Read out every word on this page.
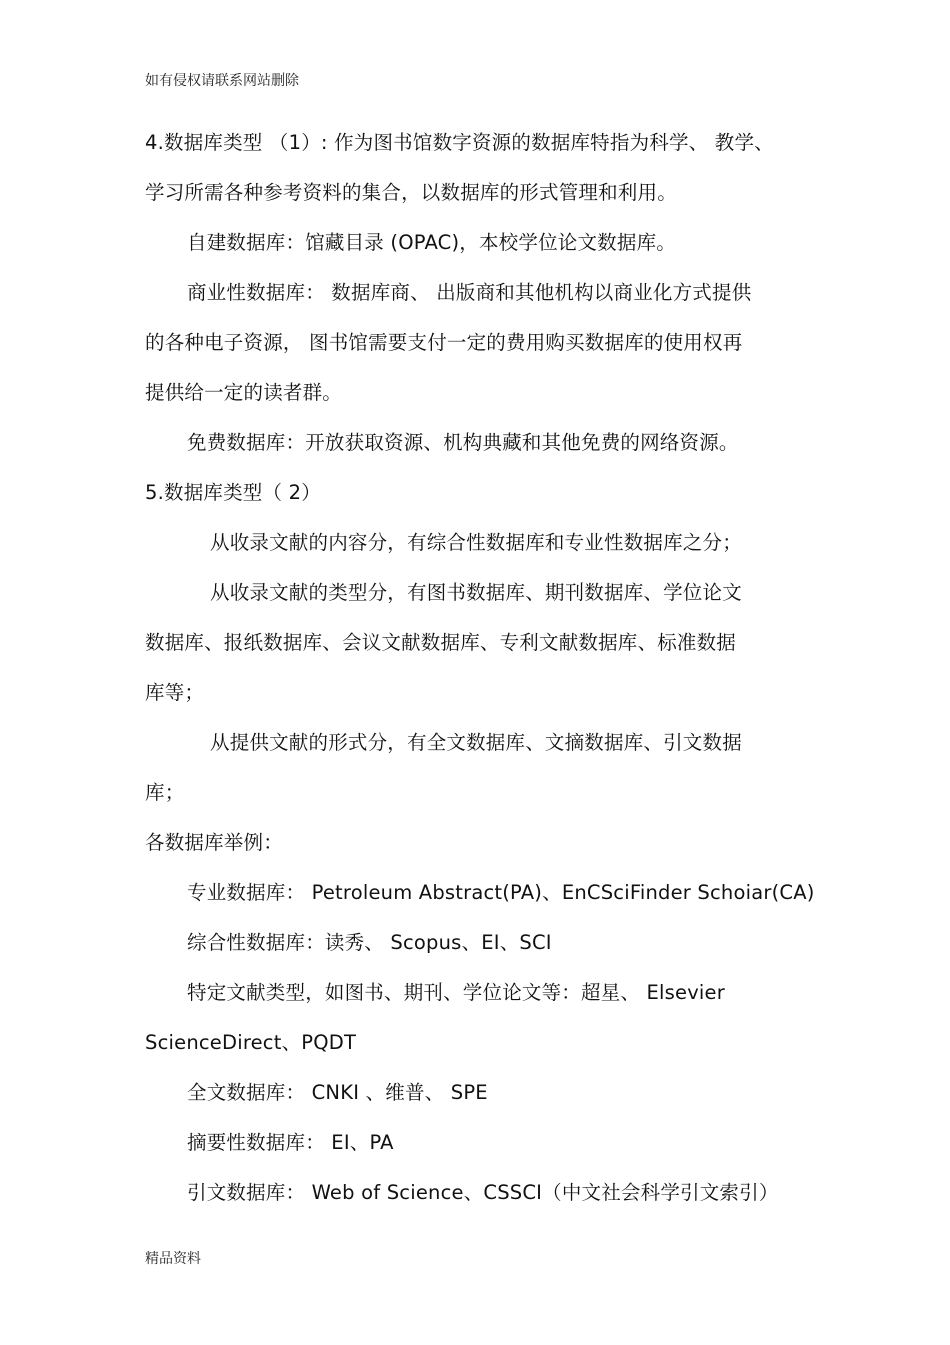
如有侵权请联系网站删除
4.数据库类型 （1）: 作为图书馆数字资源的数据库特指为科学、 教学、
学习所需各种参考资料的集合，以数据库的形式管理和利用。
自建数据库：馆藏目录 (OPAC)，本校学位论文数据库。
商业性数据库： 数据库商、 出版商和其他机构以商业化方式提供
的各种电子资源， 图书馆需要支付一定的费用购买数据库的使用权再
提供给一定的读者群。
免费数据库：开放获取资源、机构典藏和其他免费的网络资源。
5.数据库类型（ 2）
从收录文献的内容分，有综合性数据库和专业性数据库之分；
从收录文献的类型分，有图书数据库、期刊数据库、学位论文
数据库、报纸数据库、会议文献数据库、专利文献数据库、标准数据
库等；
从提供文献的形式分，有全文数据库、文摘数据库、引文数据
库；
各数据库举例：
专业数据库： Petroleum Abstract(PA)、EnCSciFinder Schoiar(CA)
综合性数据库：读秀、 Scopus、EI、SCI
特定文献类型，如图书、期刊、学位论文等：超星、 Elsevier
ScienceDirect、PQDT
全文数据库： CNKI 、维普、 SPE
摘要性数据库： EI、PA
引文数据库： Web of Science、CSSCI（中文社会科学引文索引）
精品资料
